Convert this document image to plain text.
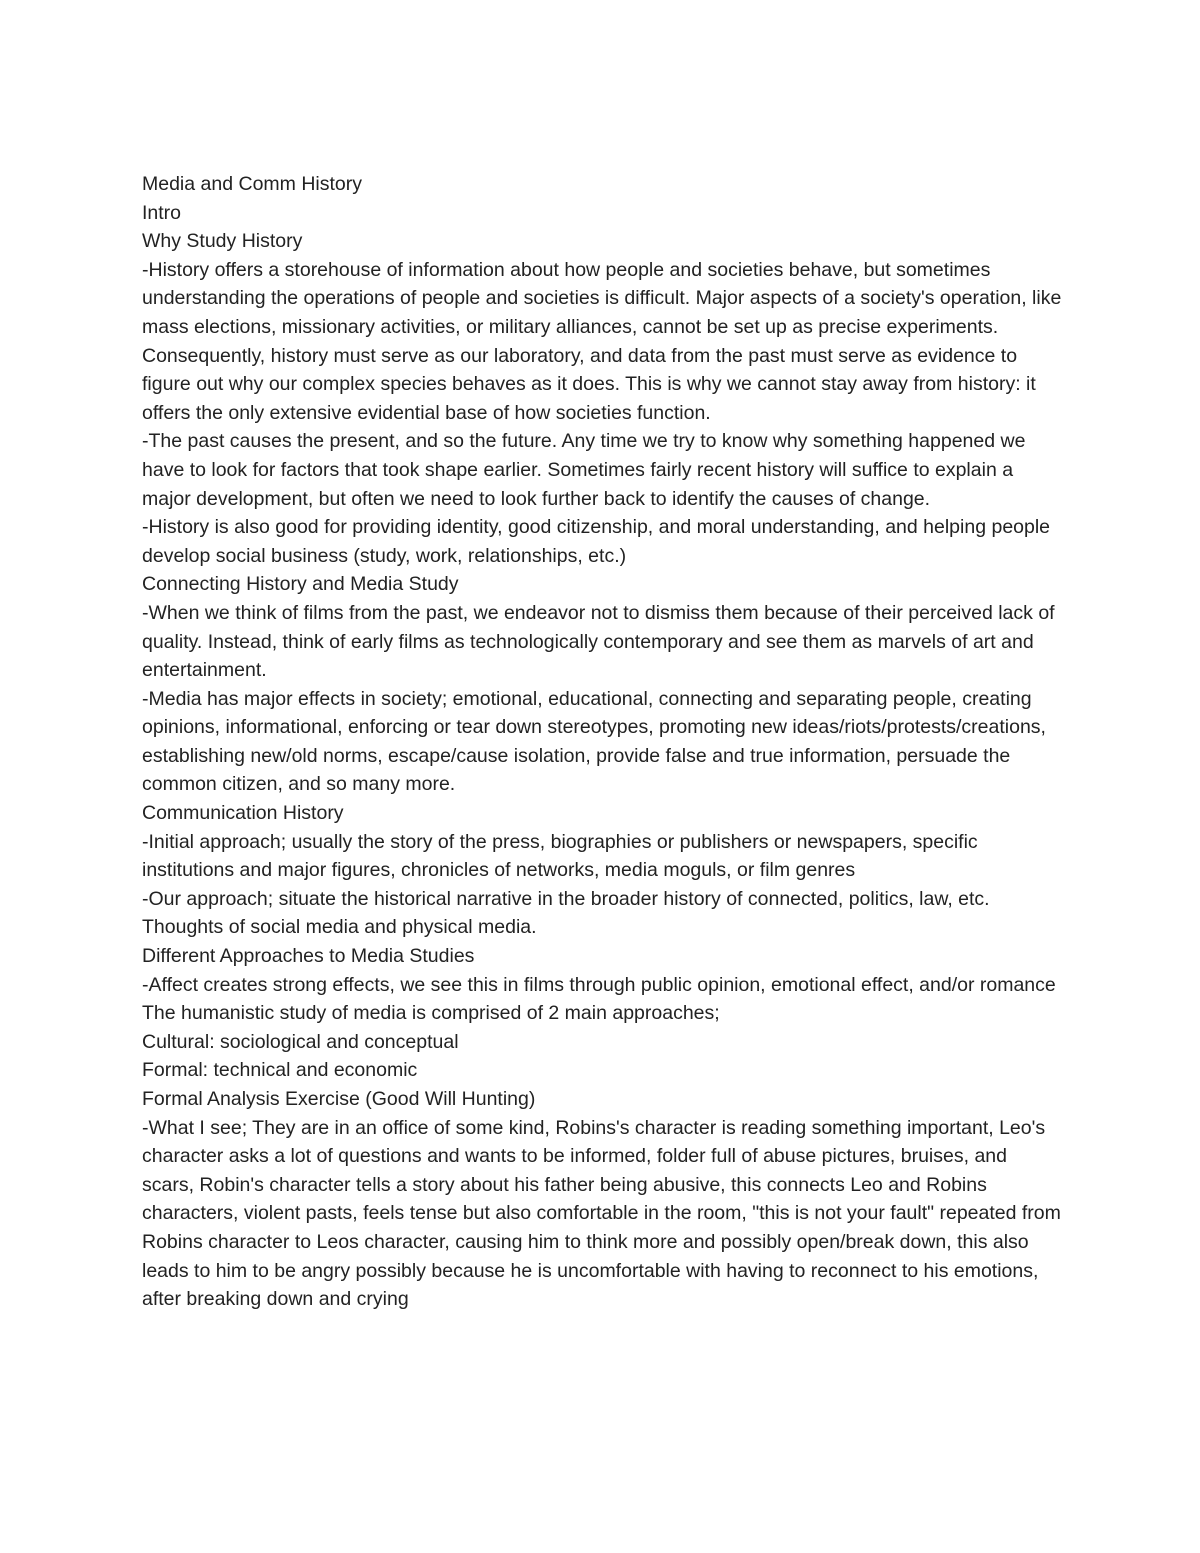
Media and Comm History

Intro

Why Study History

-History offers a storehouse of information about how people and societies behave, but sometimes understanding the operations of people and societies is difficult. Major aspects of a society's operation, like mass elections, missionary activities, or military alliances, cannot be set up as precise experiments. Consequently, history must serve as our laboratory, and data from the past must serve as evidence to figure out why our complex species behaves as it does. This is why we cannot stay away from history: it offers the only extensive evidential base of how societies function.

-The past causes the present, and so the future. Any time we try to know why something happened we have to look for factors that took shape earlier. Sometimes fairly recent history will suffice to explain a major development, but often we need to look further back to identify the causes of change.

-History is also good for providing identity, good citizenship, and moral understanding, and helping people develop social business (study, work, relationships, etc.)

Connecting History and Media Study

-When we think of films from the past, we endeavor not to dismiss them because of their perceived lack of quality. Instead, think of early films as technologically contemporary and see them as marvels of art and entertainment.

-Media has major effects in society; emotional, educational, connecting and separating people, creating opinions, informational, enforcing or tear down stereotypes, promoting new ideas/riots/protests/creations, establishing new/old norms, escape/cause isolation, provide false and true information, persuade the common citizen, and so many more.

Communication History

-Initial approach; usually the story of the press, biographies or publishers or newspapers, specific institutions and major figures, chronicles of networks, media moguls, or film genres

-Our approach; situate the historical narrative in the broader history of connected, politics, law, etc. Thoughts of social media and physical media.

Different Approaches to Media Studies

-Affect creates strong effects, we see this in films through public opinion, emotional effect, and/or romance

The humanistic study of media is comprised of 2 main approaches;

Cultural: sociological and conceptual

Formal: technical and economic

Formal Analysis Exercise (Good Will Hunting)

-What I see; They are in an office of some kind, Robins's character is reading something important, Leo's character asks a lot of questions and wants to be informed, folder full of abuse pictures, bruises, and scars, Robin's character tells a story about his father being abusive, this connects Leo and Robins characters, violent pasts, feels tense but also comfortable in the room, "this is not your fault" repeated from Robins character to Leos character, causing him to think more and possibly open/break down, this also leads to him to be angry possibly because he is uncomfortable with having to reconnect to his emotions, after breaking down and crying
